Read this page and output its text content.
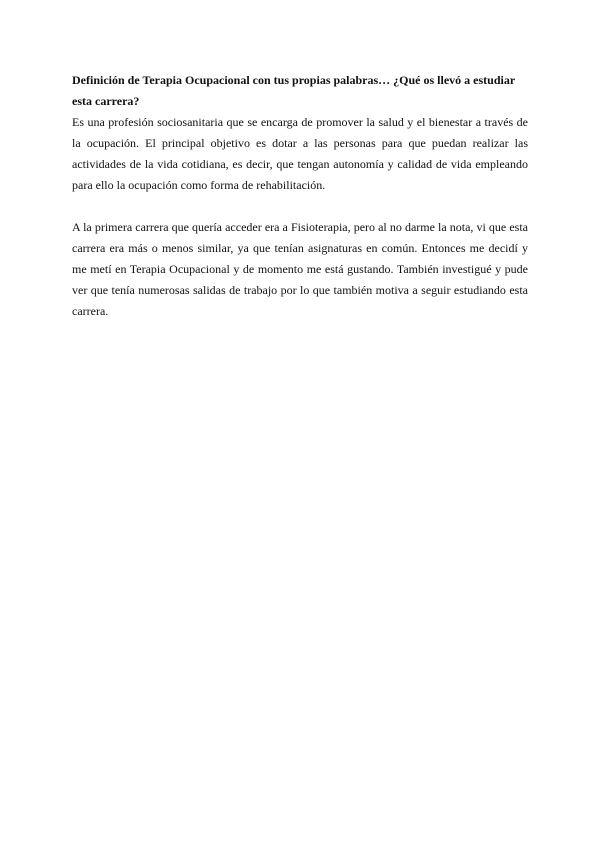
Definición de Terapia Ocupacional con tus propias palabras… ¿Qué os llevó a estudiar esta carrera?

Es una profesión sociosanitaria que se encarga de promover la salud y el bienestar a través de la ocupación. El principal objetivo es dotar a las personas para que puedan realizar las actividades de la vida cotidiana, es decir, que tengan autonomía y calidad de vida empleando para ello la ocupación como forma de rehabilitación.

A la primera carrera que quería acceder era a Fisioterapia, pero al no darme la nota, vi que esta carrera era más o menos similar, ya que tenían asignaturas en común. Entonces me decidí y me metí en Terapia Ocupacional y de momento me está gustando. También investigué y pude ver que tenía numerosas salidas de trabajo por lo que también motiva a seguir estudiando esta carrera.
